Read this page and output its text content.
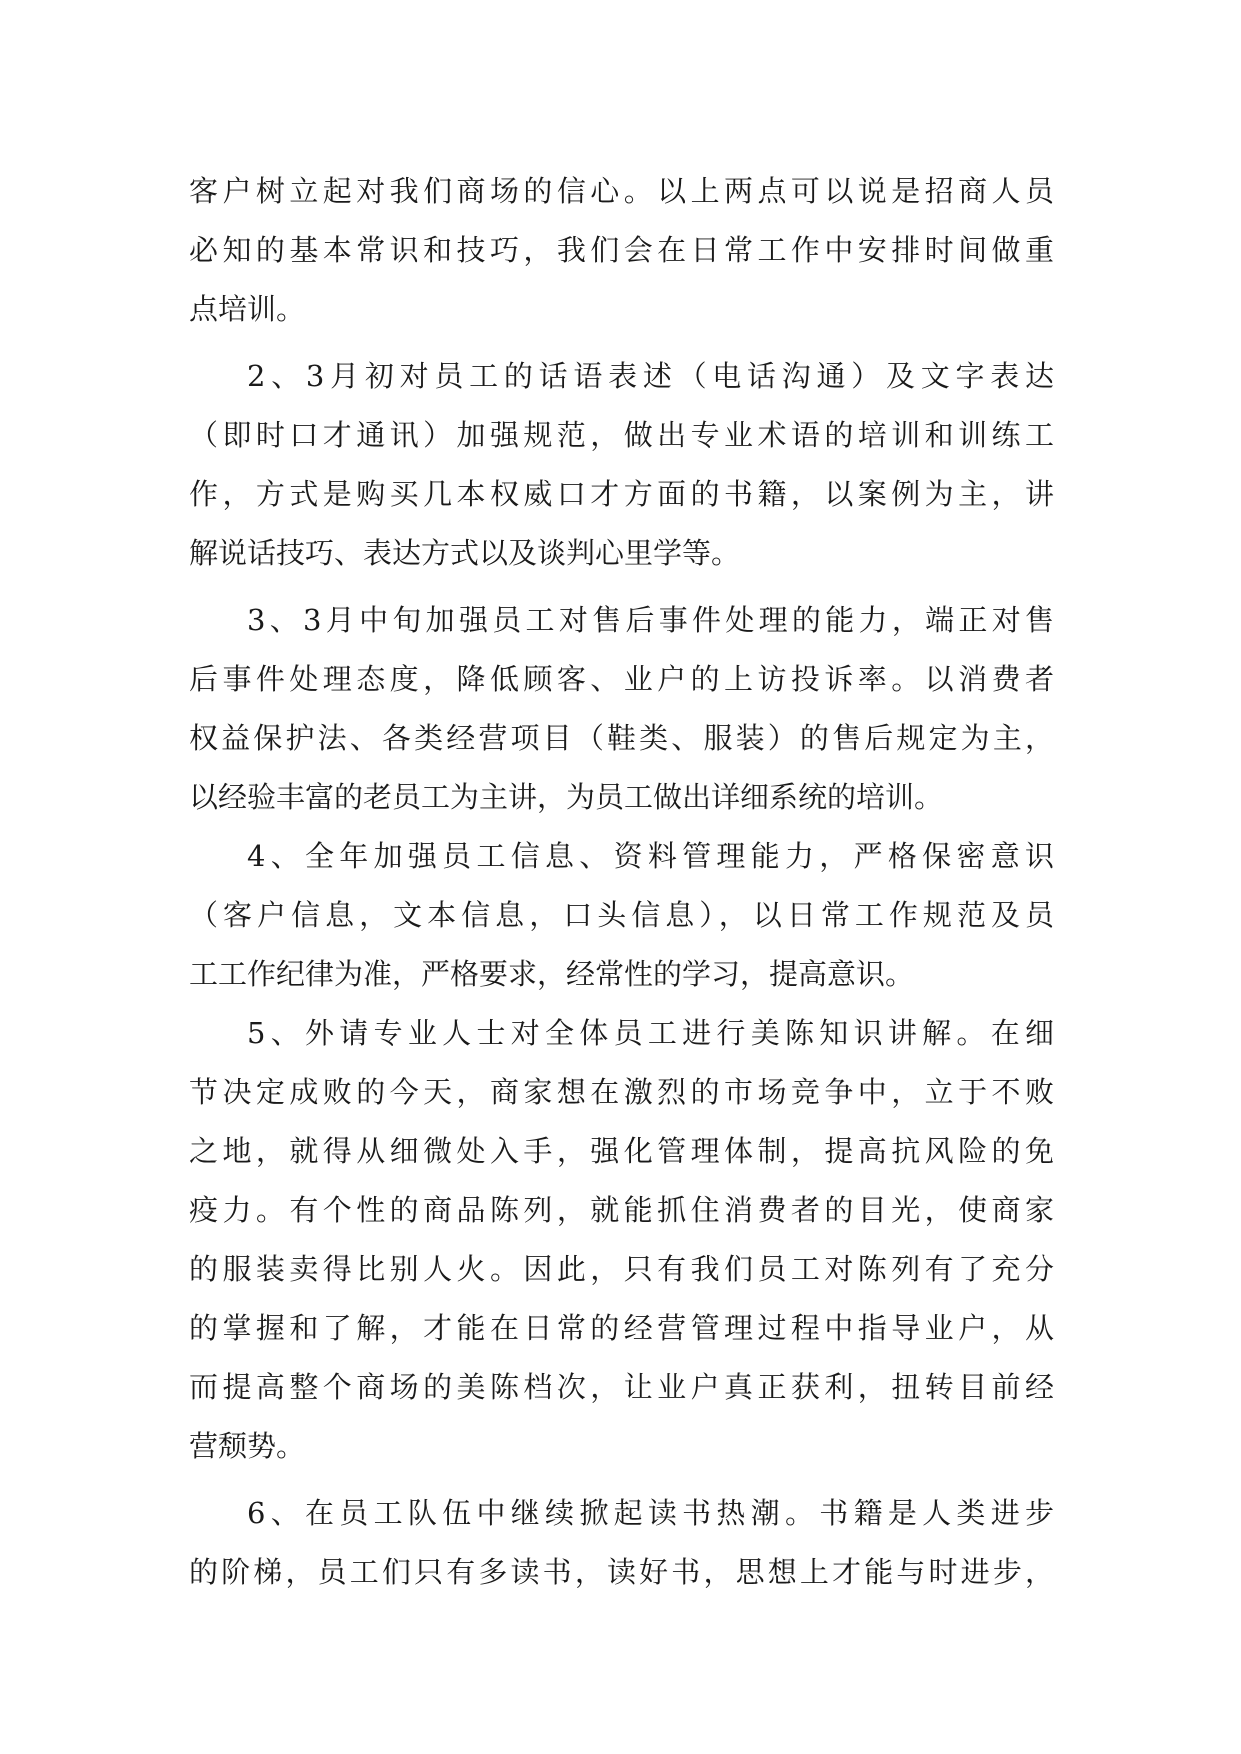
客户树立起对我们商场的信心。以上两点可以说是招商人员
必知的基本常识和技巧，我们会在日常工作中安排时间做重
点培训。
2、3月初对员工的话语表述（电话沟通）及文字表达
（即时口才通讯）加强规范，做出专业术语的培训和训练工
作，方式是购买几本权威口才方面的书籍，以案例为主，讲
解说话技巧、表达方式以及谈判心里学等。
3、3月中旬加强员工对售后事件处理的能力，端正对售
后事件处理态度，降低顾客、业户的上访投诉率。以消费者
权益保护法、各类经营项目（鞋类、服装）的售后规定为主，
以经验丰富的老员工为主讲，为员工做出详细系统的培训。
4、全年加强员工信息、资料管理能力，严格保密意识
（客户信息，文本信息，口头信息），以日常工作规范及员
工工作纪律为准，严格要求，经常性的学习，提高意识。
5、外请专业人士对全体员工进行美陈知识讲解。在细
节决定成败的今天，商家想在激烈的市场竞争中，立于不败
之地，就得从细微处入手，强化管理体制，提高抗风险的免
疫力。有个性的商品陈列，就能抓住消费者的目光，使商家
的服装卖得比别人火。因此，只有我们员工对陈列有了充分
的掌握和了解，才能在日常的经营管理过程中指导业户，从
而提高整个商场的美陈档次，让业户真正获利，扭转目前经
营颓势。
6、在员工队伍中继续掀起读书热潮。书籍是人类进步
的阶梯，员工们只有多读书，读好书，思想上才能与时进步，
